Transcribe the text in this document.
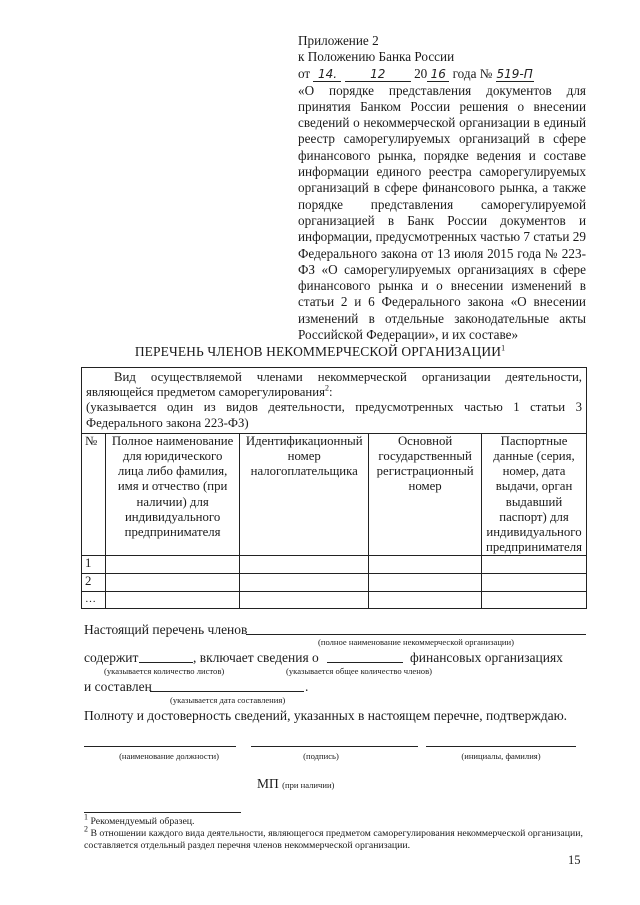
Приложение 2
к Положению Банка России
от 14.	12 20 16 года № 519-П
«О порядке представления документов для принятия Банком России решения о внесении сведений о некоммерческой организации в единый реестр саморегулируемых организаций в сфере финансового рынка, порядке ведения и составе информации единого реестра саморегулируемых организаций в сфере финансового рынка, а также порядке представления саморегулируемой организацией в Банк России документов и информации, предусмотренных частью 7 статьи 29 Федерального закона от 13 июля 2015 года № 223-ФЗ «О саморегулируемых организациях в сфере финансового рынка и о внесении изменений в статьи 2 и 6 Федерального закона «О внесении изменений в отдельные законодательные акты Российской Федерации», и их составе»
ПЕРЕЧЕНЬ ЧЛЕНОВ НЕКОММЕРЧЕСКОЙ ОРГАНИЗАЦИИ$^1$
Вид осуществляемой членами некоммерческой организации деятельности, являющейся предметом саморегулирования$^2$:
(указывается один из видов деятельности, предусмотренных частью 1 статьи 3 Федерального закона 223-ФЗ)				

№	Полное наименование для юридического лица либо фамилия, имя и отчество (при наличии) для индивидуального предпринимателя	Идентификационный номер налогоплательщика	Основной государственный регистрационный номер	Паспортные данные (серия, номер, дата выдачи, орган выдавший паспорт) для индивидуального предпринимателя
1				
2				
…				
Настоящий перечень членов
(полное наименование некоммерческой организации)
содержит	, включает сведения о	финансовых организациях
(указывается количество листов)	(указывается общее количество членов)
и составлен	.
(указывается дата составления)
Полноту и достоверность сведений, указанных в настоящем перечне, подтверждаю.
(наименование должности)	(подпись)	(инициалы, фамилия)
МП (при наличии)
$^1$ Рекомендуемый образец.
$^2$ В отношении каждого вида деятельности, являющегося предметом саморегулирования некоммерческой организации, составляется отдельный раздел перечня членов некоммерческой организации.
15
